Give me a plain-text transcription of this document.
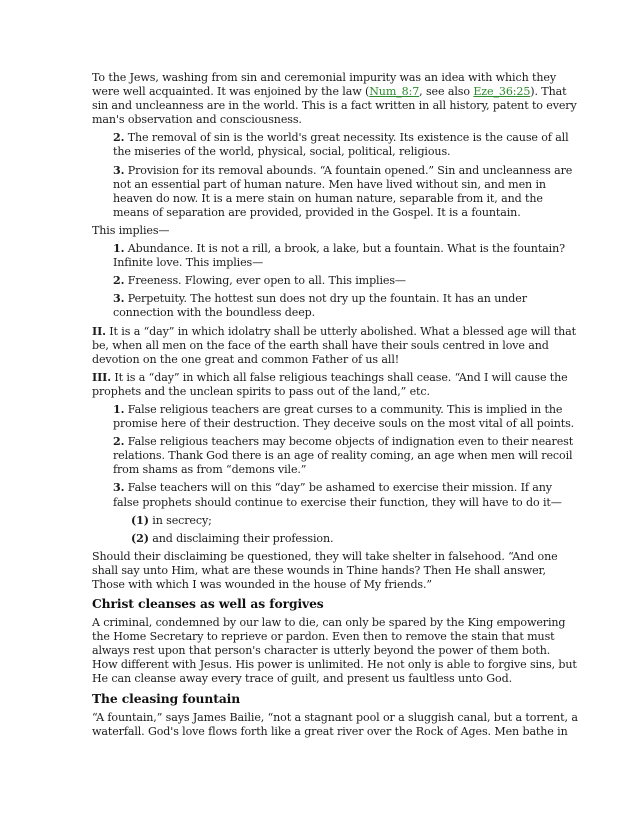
To the Jews, washing from sin and ceremonial impurity was an idea with which they were well acquainted. It was enjoined by the law (Num_8:7, see also Eze_36:25). That sin and uncleanness are in the world. This is a fact written in all history, patent to every man's observation and consciousness.

2. The removal of sin is the world's great necessity. Its existence is the cause of all the miseries of the world, physical, social, political, religious.

3. Provision for its removal abounds. “A fountain opened.” Sin and uncleanness are not an essential part of human nature. Men have lived without sin, and men in heaven do now. It is a mere stain on human nature, separable from it, and the means of separation are provided, provided in the Gospel. It is a fountain.

This implies—

1. Abundance. It is not a rill, a brook, a lake, but a fountain. What is the fountain? Infinite love. This implies—

2. Freeness. Flowing, ever open to all. This implies—

3. Perpetuity. The hottest sun does not dry up the fountain. It has an under connection with the boundless deep.

II. It is a “day” in which idolatry shall be utterly abolished. What a blessed age will that be, when all men on the face of the earth shall have their souls centred in love and devotion on the one great and common Father of us all!

III. It is a “day” in which all false religious teachings shall cease. “And I will cause the prophets and the unclean spirits to pass out of the land,” etc.

1. False religious teachers are great curses to a community. This is implied in the promise here of their destruction. They deceive souls on the most vital of all points.

2. False religious teachers may become objects of indignation even to their nearest relations. Thank God there is an age of reality coming, an age when men will recoil from shams as from “demons vile.”

3. False teachers will on this “day” be ashamed to exercise their mission. If any false prophets should continue to exercise their function, they will have to do it—

(1) in secrecy;

(2) and disclaiming their profession.

Should their disclaiming be questioned, they will take shelter in falsehood. “And one shall say unto Him, what are these wounds in Thine hands? Then He shall answer, Those with which I was wounded in the house of My friends.”

Christ cleanses as well as forgives

A criminal, condemned by our law to die, can only be spared by the King empowering the Home Secretary to reprieve or pardon. Even then to remove the stain that must always rest upon that person's character is utterly beyond the power of them both. How different with Jesus. His power is unlimited. He not only is able to forgive sins, but He can cleanse away every trace of guilt, and present us faultless unto God.

The cleasing fountain

“A fountain,” says James Bailie, “not a stagnant pool or a sluggish canal, but a torrent, a waterfall. God's love flows forth like a great river over the Rock of Ages. Men bathe in
